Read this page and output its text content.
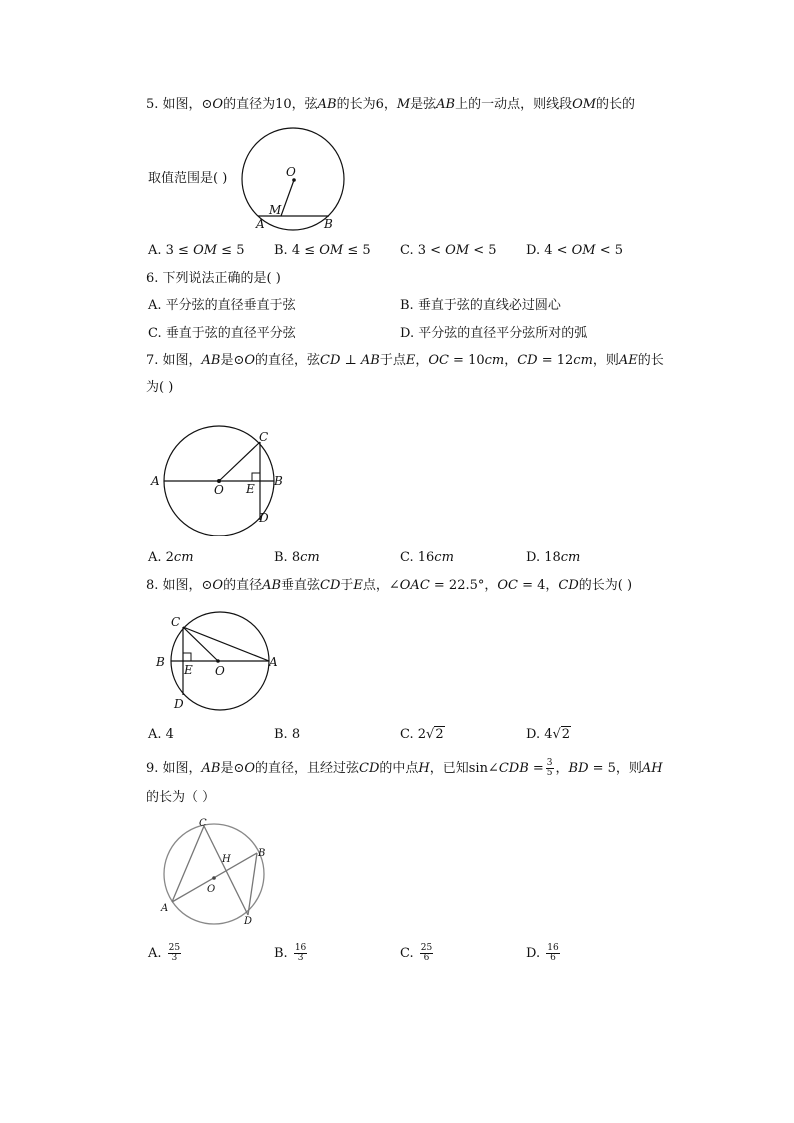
5. 如图，⊙𝑂的直径为10，弦𝐴𝐵的长为6，𝑀是弦𝐴𝐵上的一动点，则线段𝑂𝑀的长的
取值范围是( )	O
M
A	B
A. 3 ≤ 𝑂𝑀 ≤ 5 B. 4 ≤ 𝑂𝑀 ≤ 5 C. 3 < 𝑂𝑀 < 5 D. 4 < 𝑂𝑀 < 5
6. 下列说法正确的是( )
A. 平分弦的直径垂直于弦	B. 垂直于弦的直线必过圆心
C. 垂直于弦的直径平分弦	D. 平分弦的直径平分弦所对的弧
7. 如图，𝐴𝐵是⊙𝑂的直径，弦𝐶𝐷 ⊥ 𝐴𝐵于点𝐸，𝑂𝐶 = 10𝑐𝑚，𝐶𝐷 = 12𝑐𝑚，则𝐴𝐸的长
为( )
A	B
C
D
E
O
A. 2𝑐𝑚	B. 8𝑐𝑚	C. 16𝑐𝑚	D. 18𝑐𝑚
8. 如图，⊙𝑂的直径𝐴𝐵垂直弦𝐶𝐷于𝐸点，∠𝑂𝐴𝐶 = 22.5°，𝑂𝐶 = 4，𝐶𝐷的长为( )
C
B	A
E O
D
A. 4	B. 8	C. 2√2	D. 4√2
9. 如图，𝐴𝐵是⊙𝑂的直径，且经过弦𝐶𝐷的中点𝐻，已知sin∠𝐶𝐷𝐵 = $\frac{3}{5}$ ，𝐵𝐷 = 5，则𝐴𝐻
的长为（ ）
C
B
A
D
H
O
A. $\frac{25}{3}$	B. $\frac{16}{3}$	C. $\frac{25}{6}$	D. $\frac{16}{6}$
